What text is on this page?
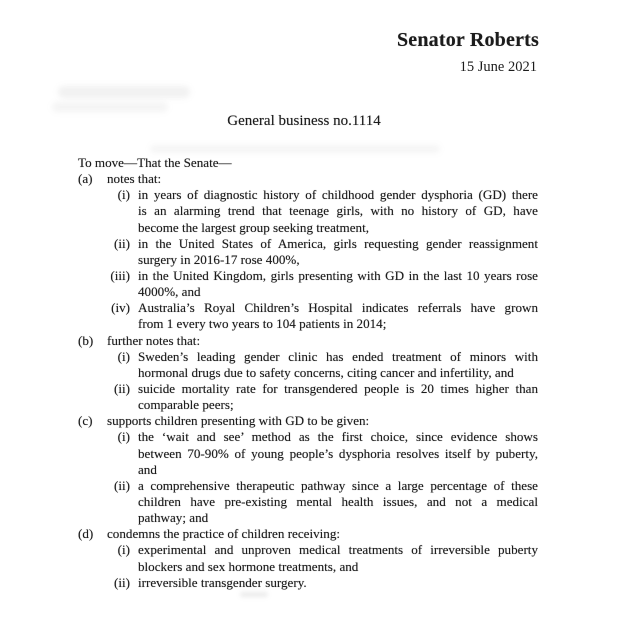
Senator Roberts
15 June 2021
General business no.1114
To move—That the Senate—
(a)	notes that:
(i) in years of diagnostic history of childhood gender dysphoria (GD) there
is an alarming trend that teenage girls, with no history of GD, have
become the largest group seeking treatment,
(ii) in the United States of America, girls requesting gender reassignment
surgery in 2016-17 rose 400%,
(iii) in the United Kingdom, girls presenting with GD in the last 10 years rose
4000%, and
(iv) Australia’s Royal Children’s Hospital indicates referrals have grown
from 1 every two years to 104 patients in 2014;
(b)	further notes that:
(i) Sweden’s leading gender clinic has ended treatment of minors with
hormonal drugs due to safety concerns, citing cancer and infertility, and
(ii) suicide mortality rate for transgendered people is 20 times higher than
comparable peers;
(c)	supports children presenting with GD to be given:
(i) the ‘wait and see’ method as the first choice, since evidence shows
between 70-90% of young people’s dysphoria resolves itself by puberty,
and
(ii) a comprehensive therapeutic pathway since a large percentage of these
children have pre-existing mental health issues, and not a medical
pathway; and
(d)	condemns the practice of children receiving:
(i) experimental and unproven medical treatments of irreversible puberty
blockers and sex hormone treatments, and
(ii) irreversible transgender surgery.
